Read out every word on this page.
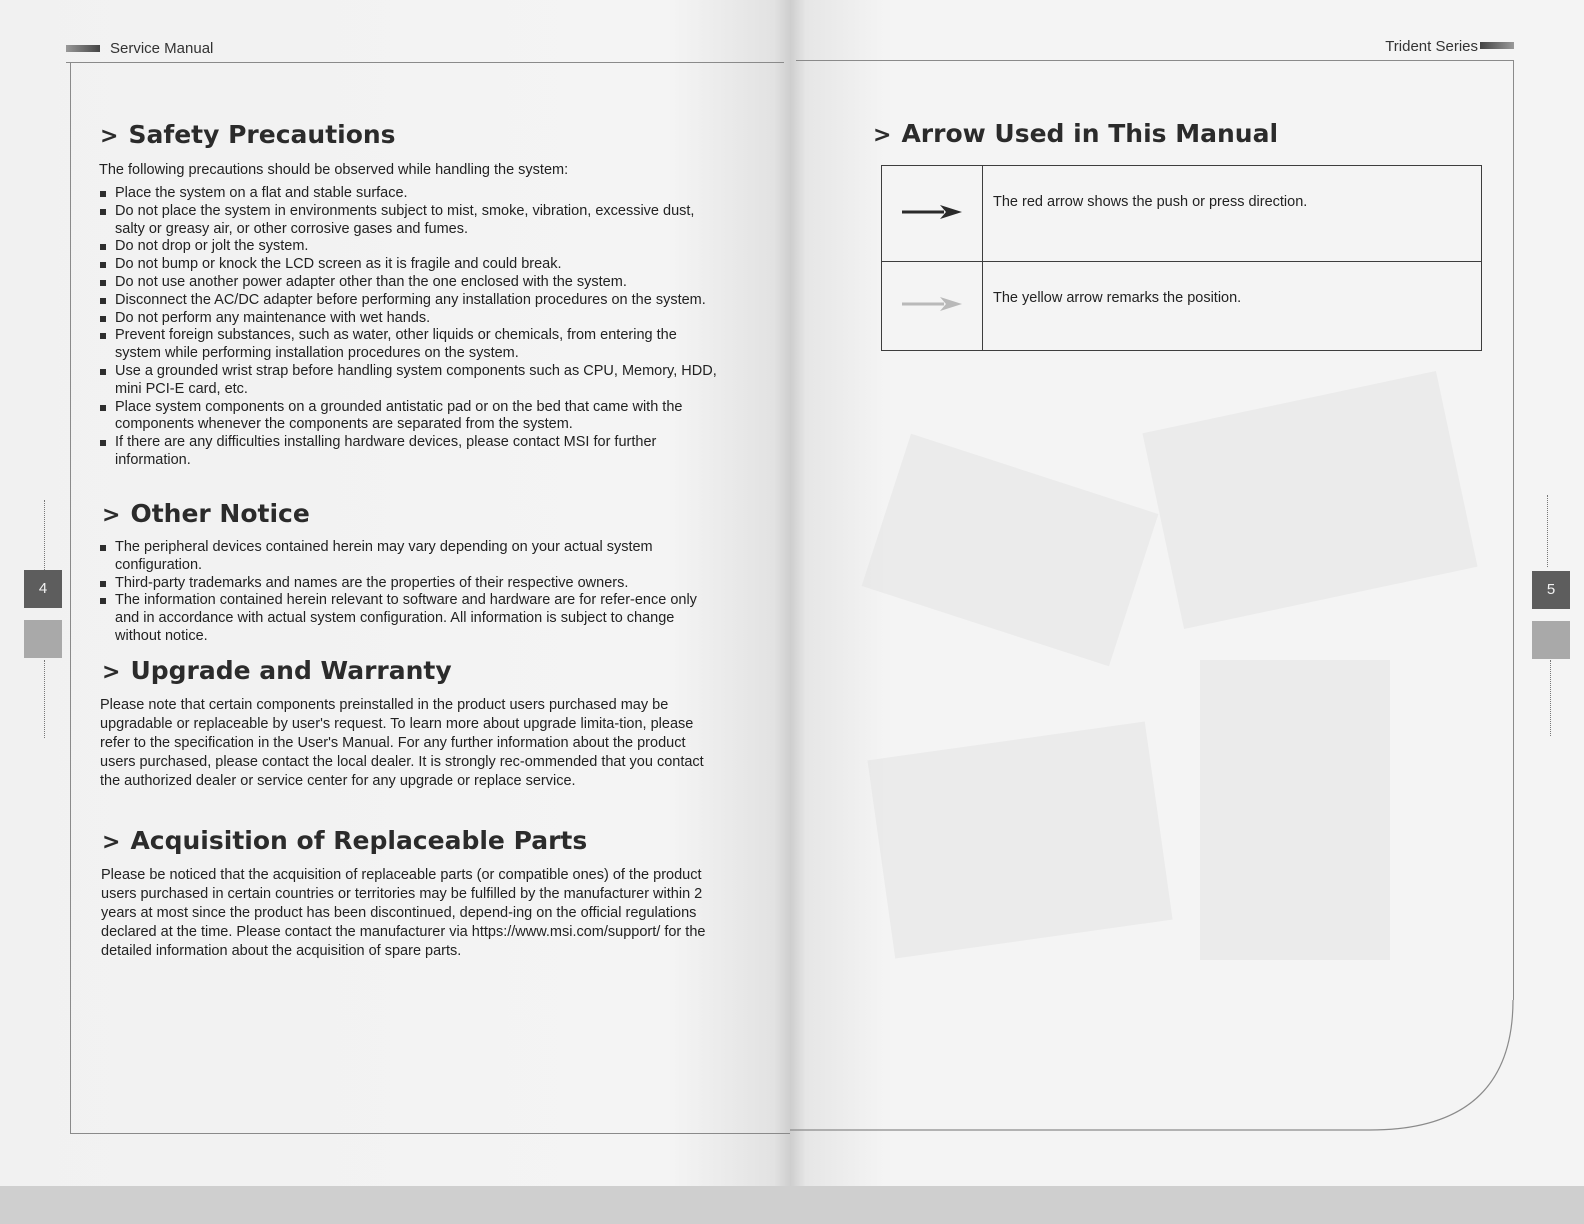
Service Manual	Trident Series
4	5
> Safety Precautions
The following precautions should be observed while handling the system:
Place the system on a flat and stable surface.
Do not place the system in environments subject to mist, smoke, vibration, excessive dust, salty or greasy air, or other corrosive gases and fumes.
Do not drop or jolt the system.
Do not bump or knock the LCD screen as it is fragile and could break.
Do not use another power adapter other than the one enclosed with the system.
Disconnect the AC/DC adapter before performing any installation procedures on the system.
Do not perform any maintenance with wet hands.
Prevent foreign substances, such as water, other liquids or chemicals, from entering the system while performing installation procedures on the system.
Use a grounded wrist strap before handling system components such as CPU, Memory, HDD, mini PCI-E card, etc.
Place system components on a grounded antistatic pad or on the bed that came with the components whenever the components are separated from the system.
If there are any difficulties installing hardware devices, please contact MSI for further information.
> Other Notice
The peripheral devices contained herein may vary depending on your actual system configuration.
Third-party trademarks and names are the properties of their respective owners.
The information contained herein relevant to software and hardware are for refer-ence only and in accordance with actual system configuration. All information is subject to change without notice.
> Upgrade and Warranty
Please note that certain components preinstalled in the product users purchased may be upgradable or replaceable by user's request. To learn more about upgrade limita-tion, please refer to the specification in the User's Manual. For any further information about the product users purchased, please contact the local dealer. It is strongly rec-ommended that you contact the authorized dealer or service center for any upgrade or replace service.
> Acquisition of Replaceable Parts
Please be noticed that the acquisition of replaceable parts (or compatible ones) of the product users purchased in certain countries or territories may be fulfilled by the manufacturer within 2 years at most since the product has been discontinued, depend-ing on the official regulations declared at the time. Please contact the manufacturer via https://www.msi.com/support/ for the detailed information about the acquisition of spare parts.
> Arrow Used in This Manual
	The red arrow shows the push or press direction.
	The yellow arrow remarks the position.
